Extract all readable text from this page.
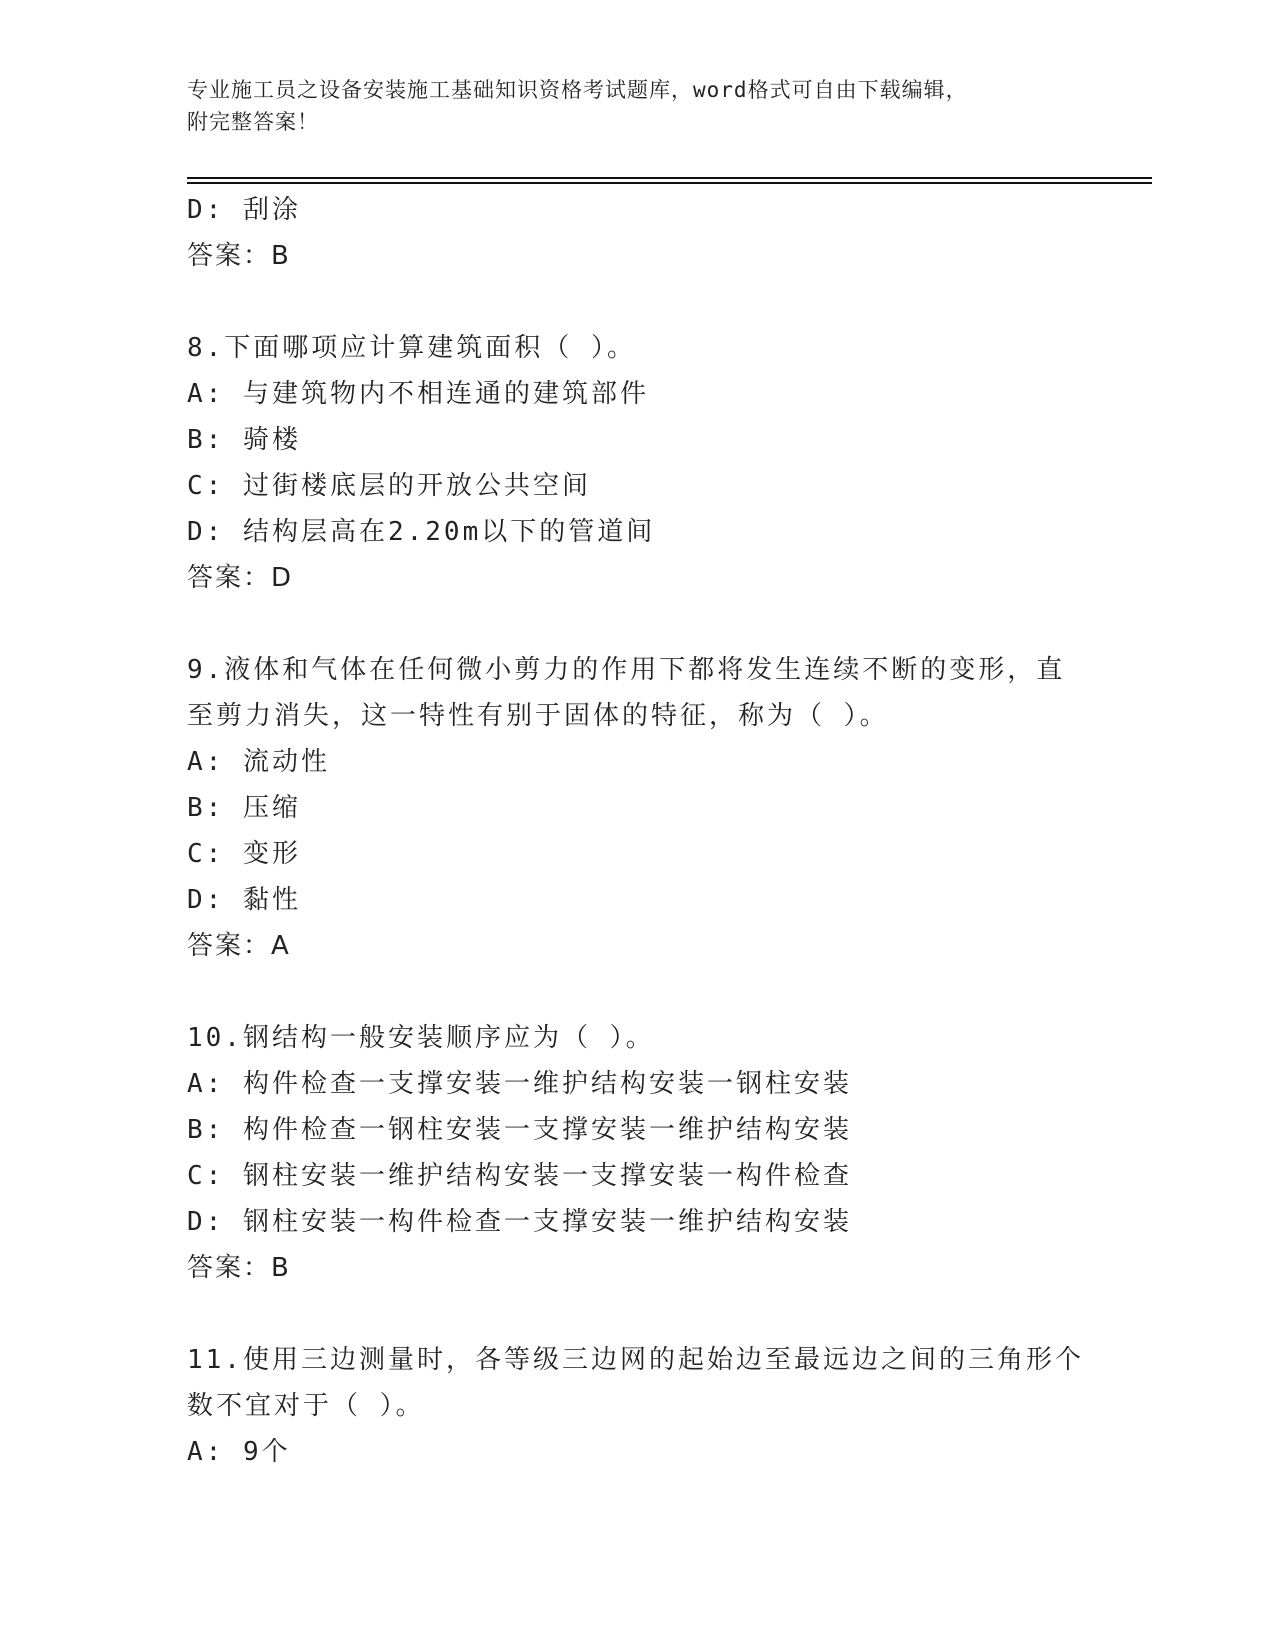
专业施工员之设备安装施工基础知识资格考试题库，word格式可自由下载编辑，
附完整答案！
D: 刮涂
答案：B
8.下面哪项应计算建筑面积（ ）。
A: 与建筑物内不相连通的建筑部件
B: 骑楼
C: 过街楼底层的开放公共空间
D: 结构层高在2.20m以下的管道间
答案：D
9.液体和气体在任何微小剪力的作用下都将发生连续不断的变形，直
至剪力消失，这一特性有别于固体的特征，称为（ ）。
A: 流动性
B: 压缩
C: 变形
D: 黏性
答案：A
10.钢结构一般安装顺序应为（ ）。
A: 构件检查一支撑安装一维护结构安装一钢柱安装
B: 构件检查一钢柱安装一支撑安装一维护结构安装
C: 钢柱安装一维护结构安装一支撑安装一构件检查
D: 钢柱安装一构件检查一支撑安装一维护结构安装
答案：B
11.使用三边测量时，各等级三边网的起始边至最远边之间的三角形个
数不宜对于（ ）。
A: 9个
